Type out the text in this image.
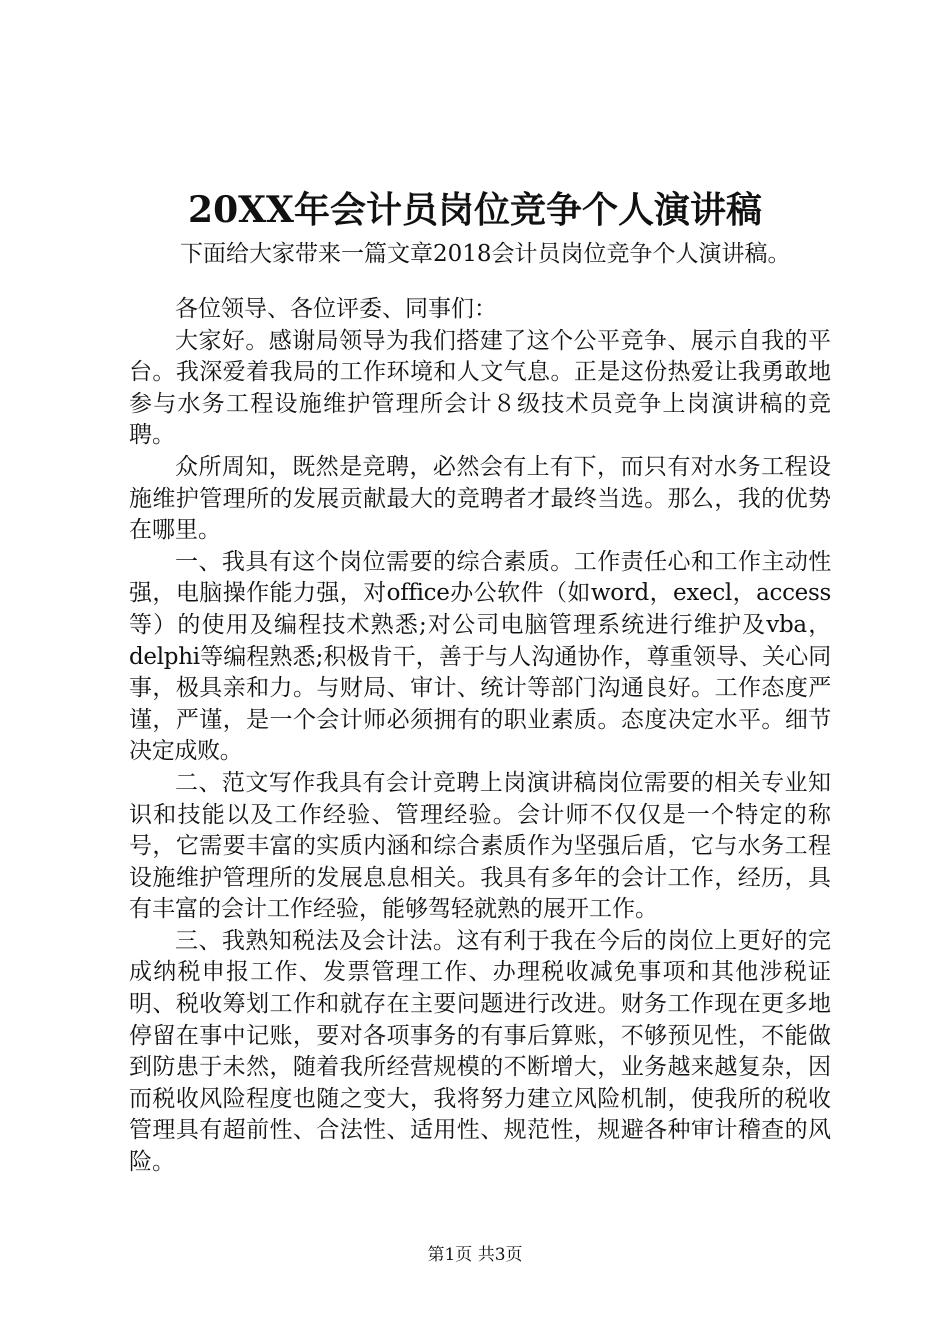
20XX年会计员岗位竞争个人演讲稿

下面给大家带来一篇文章2018会计员岗位竞争个人演讲稿。

各位领导、各位评委、同事们：

大家好。感谢局领导为我们搭建了这个公平竞争、展示自我的平台。我深爱着我局的工作环境和人文气息。正是这份热爱让我勇敢地参与水务工程设施维护管理所会计８级技术员竞争上岗演讲稿的竞聘。

众所周知，既然是竞聘，必然会有上有下，而只有对水务工程设施维护管理所的发展贡献最大的竞聘者才最终当选。那么，我的优势在哪里。

一、我具有这个岗位需要的综合素质。工作责任心和工作主动性强，电脑操作能力强，对office办公软件（如word，execl，access等）的使用及编程技术熟悉;对公司电脑管理系统进行维护及vba，delphi等编程熟悉;积极肯干，善于与人沟通协作，尊重领导、关心同事，极具亲和力。与财局、审计、统计等部门沟通良好。工作态度严谨，严谨，是一个会计师必须拥有的职业素质。态度决定水平。细节决定成败。

二、范文写作我具有会计竞聘上岗演讲稿岗位需要的相关专业知识和技能以及工作经验、管理经验。会计师不仅仅是一个特定的称号，它需要丰富的实质内涵和综合素质作为坚强后盾，它与水务工程设施维护管理所的发展息息相关。我具有多年的会计工作，经历，具有丰富的会计工作经验，能够驾轻就熟的展开工作。

三、我熟知税法及会计法。这有利于我在今后的岗位上更好的完成纳税申报工作、发票管理工作、办理税收减免事项和其他涉税证明、税收筹划工作和就存在主要问题进行改进。财务工作现在更多地停留在事中记账，要对各项事务的有事后算账，不够预见性，不能做到防患于未然，随着我所经营规模的不断增大，业务越来越复杂，因而税收风险程度也随之变大，我将努力建立风险机制，使我所的税收管理具有超前性、合法性、适用性、规范性，规避各种审计稽查的风险。

第1页 共3页
